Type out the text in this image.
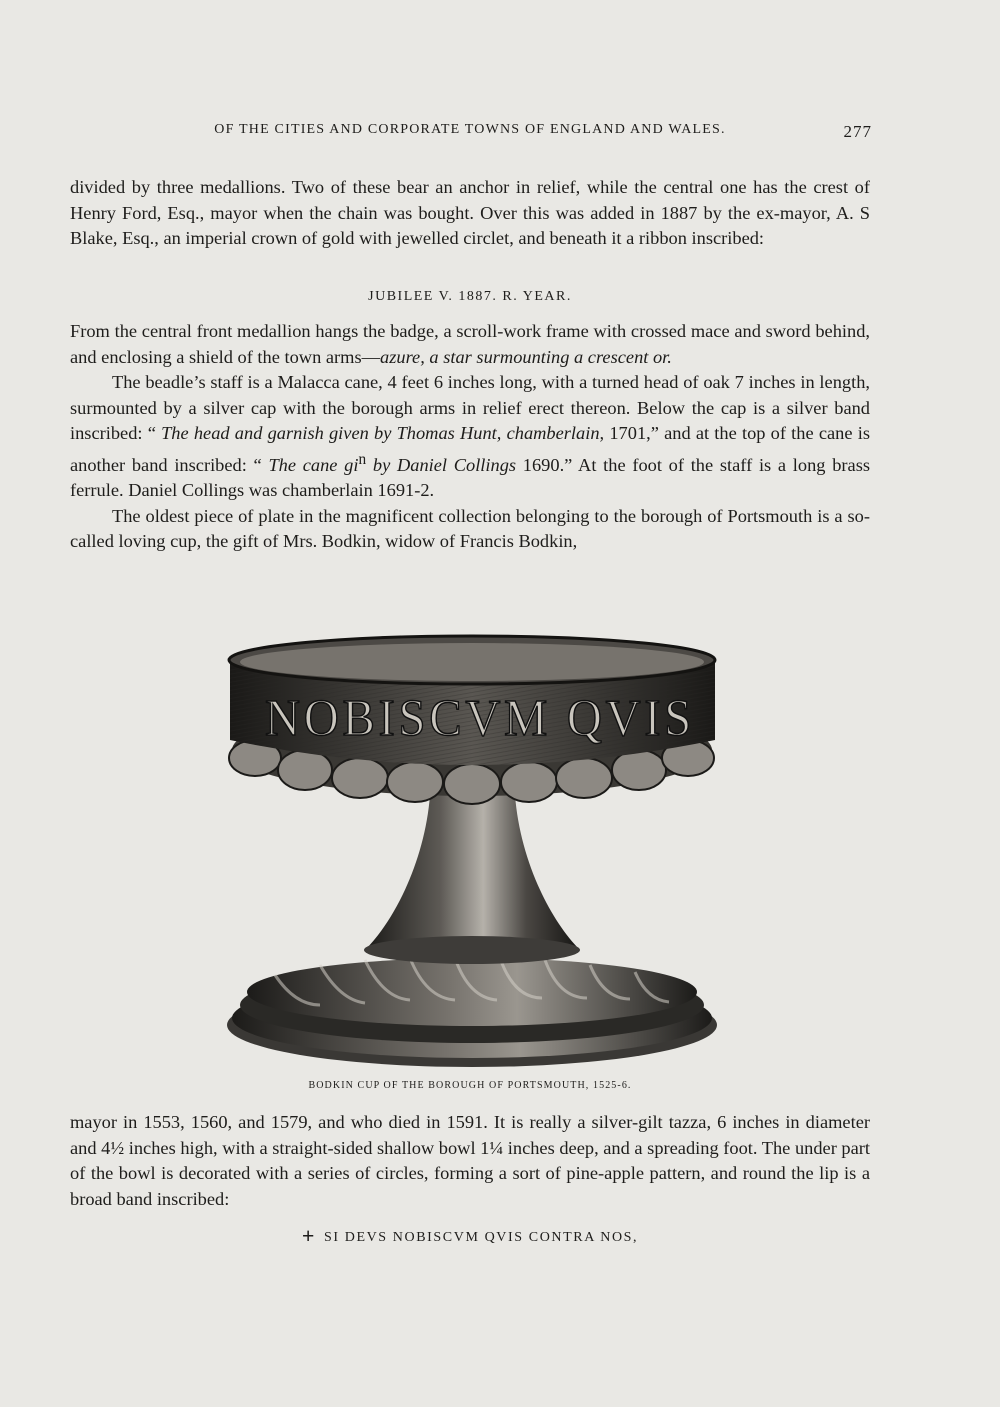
OF THE CITIES AND CORPORATE TOWNS OF ENGLAND AND WALES.	277

divided by three medallions. Two of these bear an anchor in relief, while the central one has the crest of Henry Ford, Esq., mayor when the chain was bought. Over this was added in 1887 by the ex-mayor, A. S Blake, Esq., an imperial crown of gold with jewelled circlet, and beneath it a ribbon inscribed:

JUBILEE V. 1887. R. YEAR.

From the central front medallion hangs the badge, a scroll-work frame with crossed mace and sword behind, and enclosing a shield of the town arms—azure, a star surmounting a crescent or.

The beadle’s staff is a Malacca cane, 4 feet 6 inches long, with a turned head of oak 7 inches in length, surmounted by a silver cap with the borough arms in relief erect thereon. Below the cap is a silver band inscribed: “ The head and garnish given by Thomas Hunt, chamberlain, 1701,” and at the top of the cane is another band inscribed: “ The cane $gi^n$ by Daniel Collings 1690.” At the foot of the staff is a long brass ferrule. Daniel Collings was chamberlain 1691-2.

The oldest piece of plate in the magnificent collection belonging to the borough of Portsmouth is a so-called loving cup, the gift of Mrs. Bodkin, widow of Francis Bodkin,

NOBISCVM QVIS
BODKIN CUP OF THE BOROUGH OF PORTSMOUTH, 1525-6.

mayor in 1553, 1560, and 1579, and who died in 1591. It is really a silver-gilt tazza, 6 inches in diameter and 4½ inches high, with a straight-sided shallow bowl 1¼ inches deep, and a spreading foot. The under part of the bowl is decorated with a series of circles, forming a sort of pine-apple pattern, and round the lip is a broad band inscribed:

+ SI DEVS NOBISCVM QVIS CONTRA NOS,
